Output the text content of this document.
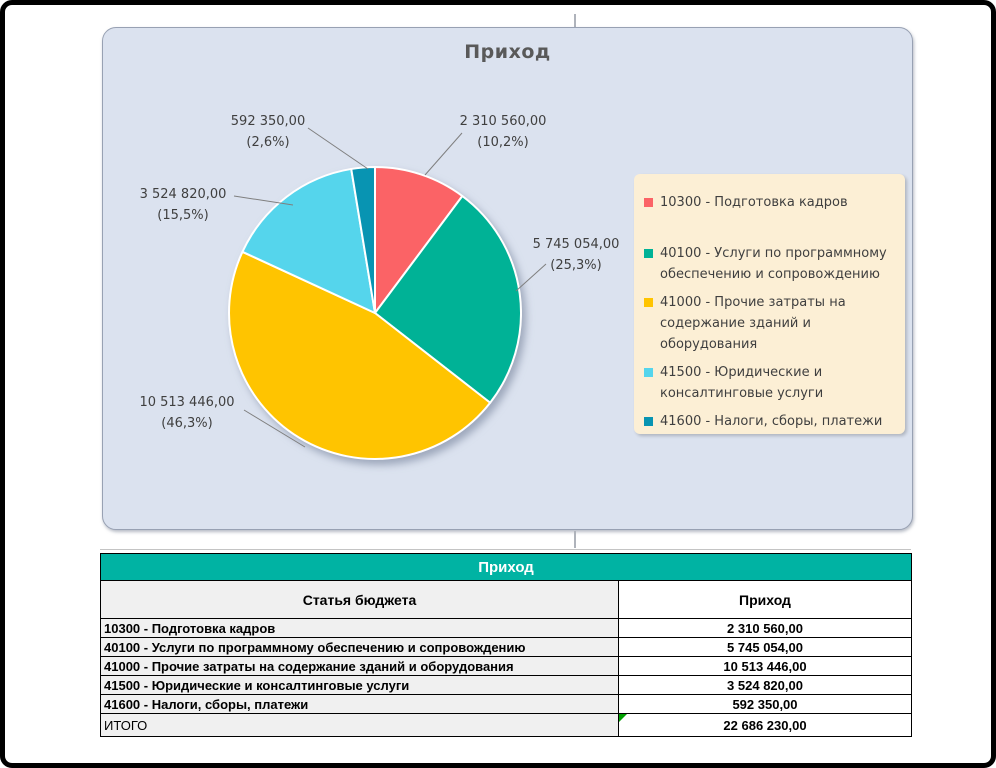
Приход
2 310 560,00
(10,2%)
592 350,00
(2,6%)
3 524 820,00
(15,5%)
5 745 054,00
(25,3%)
10 513 446,00
(46,3%)
10300 - Подготовка кадров
40100 - Услуги по программному
обеспечению и сопровождению
41000 - Прочие затраты на
содержание зданий и оборудования
41500 - Юридические и
консалтинговые услуги
41600 - Налоги, сборы, платежи
Приход	
Статья бюджета	Приход
10300 - Подготовка кадров	2 310 560,00
40100 - Услуги по программному обеспечению и сопровождению	5 745 054,00
41000 - Прочие затраты на содержание зданий и оборудования	10 513 446,00
41500 - Юридические и консалтинговые услуги	3 524 820,00
41600 - Налоги, сборы, платежи	592 350,00
ИТОГО	22 686 230,00
